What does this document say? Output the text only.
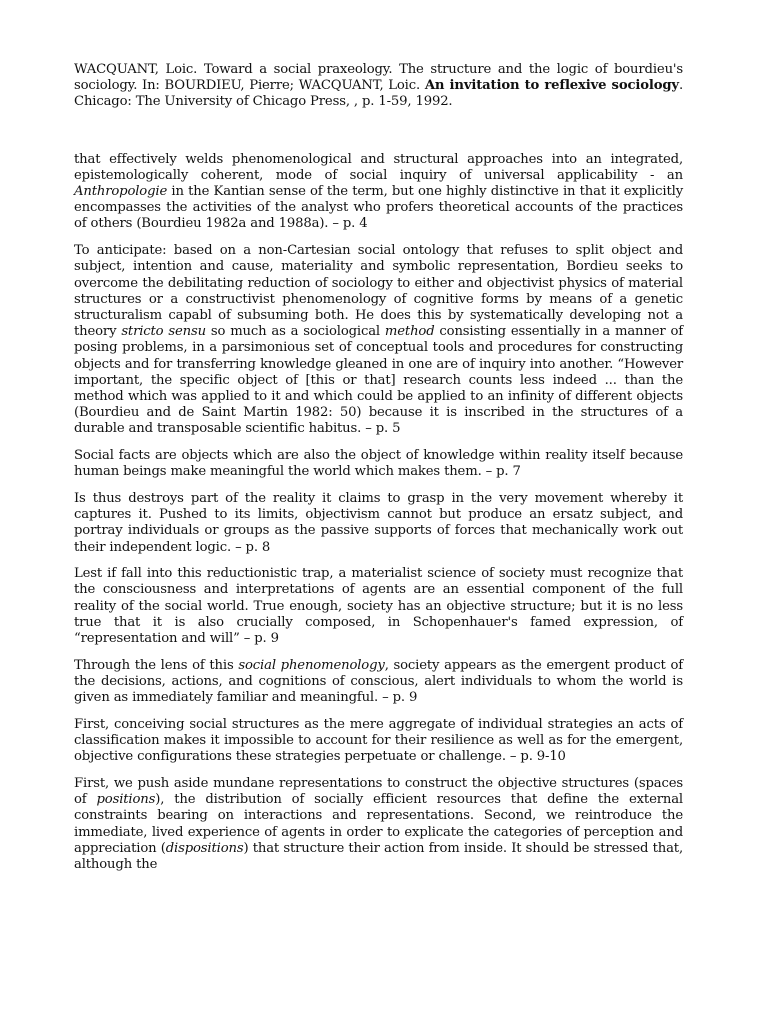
WACQUANT, Loic. Toward a social praxeology. The structure and the logic of bourdieu's sociology. In: BOURDIEU, Pierre; WACQUANT, Loic. An invitation to reflexive sociology. Chicago: The University of Chicago Press, , p. 1-59, 1992.

that effectively welds phenomenological and structural approaches into an integrated, epistemologically coherent, mode of social inquiry of universal applicability - an Anthropologie in the Kantian sense of the term, but one highly distinctive in that it explicitly encompasses the activities of the analyst who profers theoretical accounts of the practices of others (Bourdieu 1982a and 1988a). – p. 4

To anticipate: based on a non-Cartesian social ontology that refuses to split object and subject, intention and cause, materiality and symbolic representation, Bordieu seeks to overcome the debilitating reduction of sociology to either and objectivist physics of material structures or a constructivist phenomenology of cognitive forms by means of a genetic structuralism capabl of subsuming both. He does this by systematically developing not a theory stricto sensu so much as a sociological method consisting essentially in a manner of posing problems, in a parsimonious set of conceptual tools and procedures for constructing objects and for transferring knowledge gleaned in one are of inquiry into another. “However important, the specific object of [this or that] research counts less indeed ... than the method which was applied to it and which could be applied to an infinity of different objects (Bourdieu and de Saint Martin 1982: 50) because it is inscribed in the structures of a durable and transposable scientific habitus. – p. 5

Social facts are objects which are also the object of knowledge within reality itself because human beings make meaningful the world which makes them. – p. 7

Is thus destroys part of the reality it claims to grasp in the very movement whereby it captures it. Pushed to its limits, objectivism cannot but produce an ersatz subject, and portray individuals or groups as the passive supports of forces that mechanically work out their independent logic. – p. 8

Lest if fall into this reductionistic trap, a materialist science of society must recognize that the consciousness and interpretations of agents are an essential component of the full reality of the social world. True enough, society has an objective structure; but it is no less true that it is also crucially composed, in Schopenhauer's famed expression, of “representation and will” – p. 9

Through the lens of this social phenomenology, society appears as the emergent product of the decisions, actions, and cognitions of conscious, alert individuals to whom the world is given as immediately familiar and meaningful. – p. 9

First, conceiving social structures as the mere aggregate of individual strategies an acts of classification makes it impossible to account for their resilience as well as for the emergent, objective configurations these strategies perpetuate or challenge. – p. 9-10

First, we push aside mundane representations to construct the objective structures (spaces of positions), the distribution of socially efficient resources that define the external constraints bearing on interactions and representations. Second, we reintroduce the immediate, lived experience of agents in order to explicate the categories of perception and appreciation (dispositions) that structure their action from inside. It should be stressed that, although the
